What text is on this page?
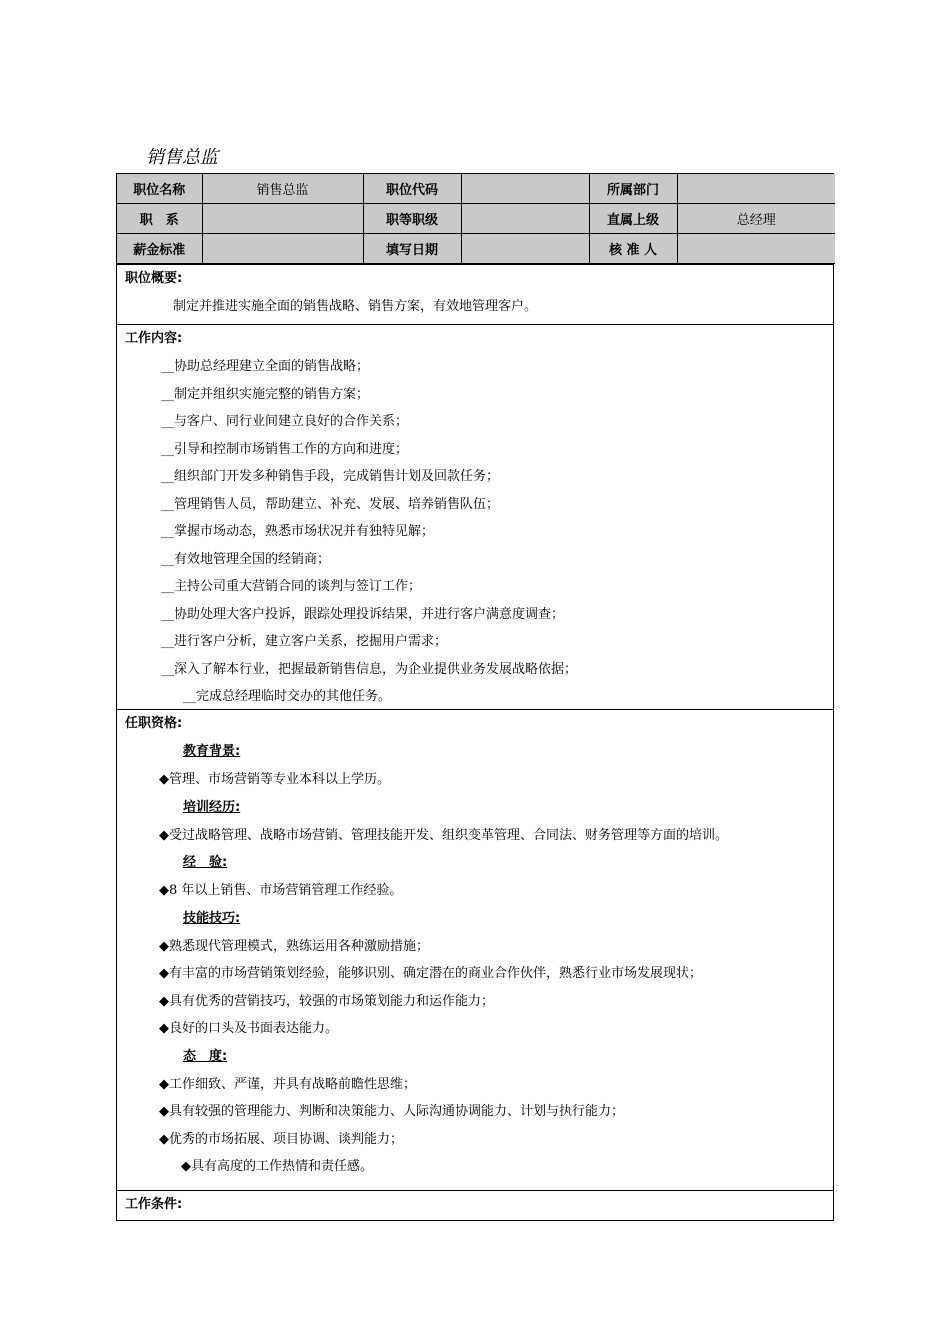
销售总监
职位名称	销售总监	职位代码		所属部门	
职　系		职等职级		直属上级	总经理
薪金标准		填写日期		核 准 人	
职位概要:
制定并推进实施全面的销售战略、销售方案，有效地管理客户。
工作内容:
__协助总经理建立全面的销售战略；
__制定并组织实施完整的销售方案；
__与客户、同行业间建立良好的合作关系；
__引导和控制市场销售工作的方向和进度；
__组织部门开发多种销售手段，完成销售计划及回款任务；
__管理销售人员，帮助建立、补充、发展、培养销售队伍；
__掌握市场动态，熟悉市场状况并有独特见解；
__有效地管理全国的经销商；
__主持公司重大营销合同的谈判与签订工作；
__协助处理大客户投诉，跟踪处理投诉结果，并进行客户满意度调查；
__进行客户分析，建立客户关系，挖掘用户需求；
__深入了解本行业，把握最新销售信息，为企业提供业务发展战略依据；
__完成总经理临时交办的其他任务。
任职资格:
教育背景:
◆管理、市场营销等专业本科以上学历。
培训经历:
◆受过战略管理、战略市场营销、管理技能开发、组织变革管理、合同法、财务管理等方面的培训。
经　验:
◆8 年以上销售、市场营销管理工作经验。
技能技巧:
◆熟悉现代管理模式，熟练运用各种激励措施；
◆有丰富的市场营销策划经验，能够识别、确定潜在的商业合作伙伴，熟悉行业市场发展现状；
◆具有优秀的营销技巧，较强的市场策划能力和运作能力；
◆良好的口头及书面表达能力。
态　度:
◆工作细致、严谨，并具有战略前瞻性思维；
◆具有较强的管理能力、判断和决策能力、人际沟通协调能力、计划与执行能力；
◆优秀的市场拓展、项目协调、谈判能力；
◆具有高度的工作热情和责任感。
工作条件:
